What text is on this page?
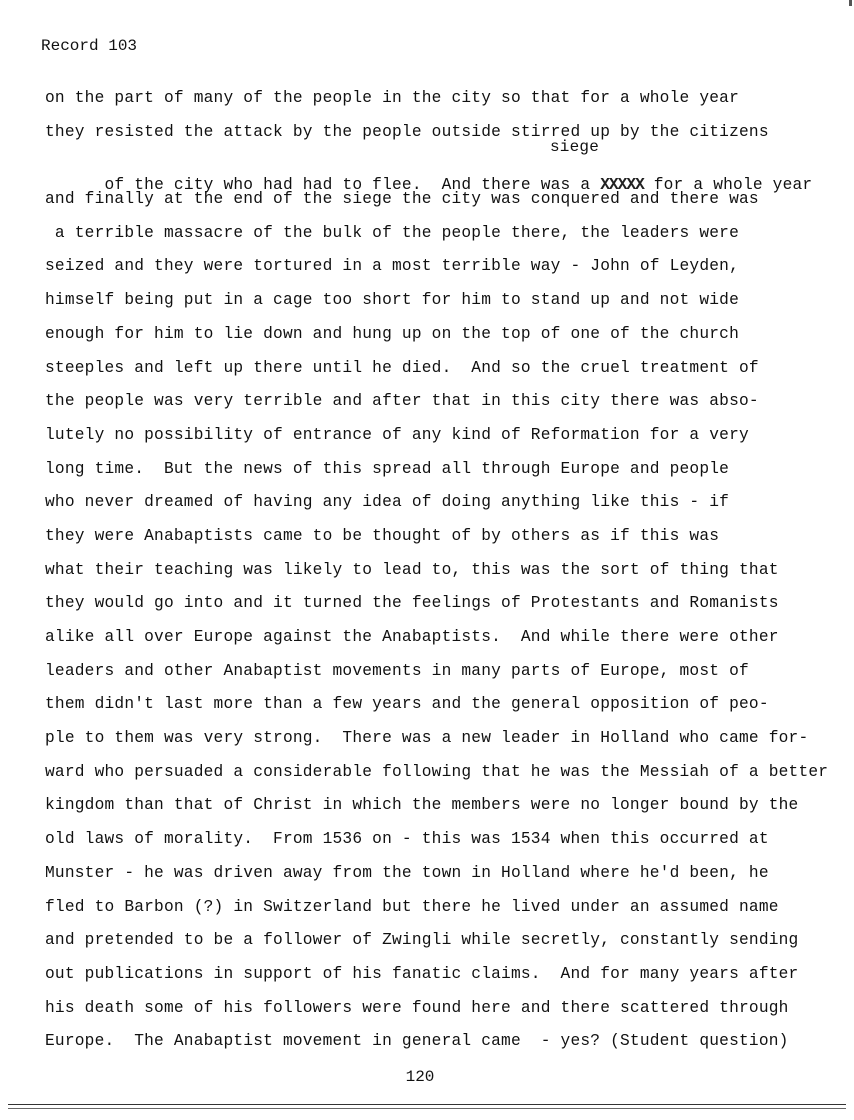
Record 103
on the part of many of the people in the city so that for a whole year
they resisted the attack by the people outside stirred up by the citizens

siege
of the city who had had to flee.  And there was a XXXXX for a whole year

and finally at the end of the siege the city was conquered and there was
a terrible massacre of the bulk of the people there, the leaders were
seized and they were tortured in a most terrible way - John of Leyden,
himself being put in a cage too short for him to stand up and not wide
enough for him to lie down and hung up on the top of one of the church
steeples and left up there until he died.  And so the cruel treatment of
the people was very terrible and after that in this city there was abso-
lutely no possibility of entrance of any kind of Reformation for a very
long time.  But the news of this spread all through Europe and people
who never dreamed of having any idea of doing anything like this - if
they were Anabaptists came to be thought of by others as if this was
what their teaching was likely to lead to, this was the sort of thing that
they would go into and it turned the feelings of Protestants and Romanists
alike all over Europe against the Anabaptists.  And while there were other
leaders and other Anabaptist movements in many parts of Europe, most of
them didn't last more than a few years and the general opposition of peo-
ple to them was very strong.  There was a new leader in Holland who came for-
ward who persuaded a considerable following that he was the Messiah of a better
kingdom than that of Christ in which the members were no longer bound by the
old laws of morality.  From 1536 on - this was 1534 when this occurred at
Munster - he was driven away from the town in Holland where he'd been, he
fled to Barbon (?) in Switzerland but there he lived under an assumed name
and pretended to be a follower of Zwingli while secretly, constantly sending
out publications in support of his fanatic claims.  And for many years after
his death some of his followers were found here and there scattered through
Europe.  The Anabaptist movement in general came  - yes? (Student question)
120
